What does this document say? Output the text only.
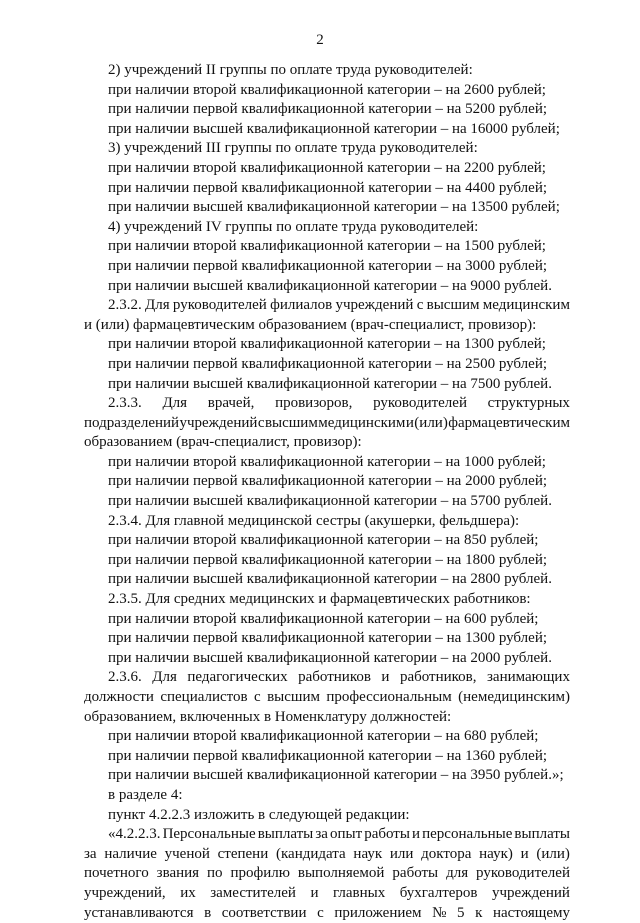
2
2) учреждений II группы по оплате труда руководителей:
при наличии второй квалификационной категории – на 2600 рублей;
при наличии первой квалификационной категории – на 5200 рублей;
при наличии высшей квалификационной категории – на 16000 рублей;
3) учреждений III группы по оплате труда руководителей:
при наличии второй квалификационной категории – на 2200 рублей;
при наличии первой квалификационной категории – на 4400 рублей;
при наличии высшей квалификационной категории – на 13500 рублей;
4) учреждений IV группы по оплате труда руководителей:
при наличии второй квалификационной категории – на 1500 рублей;
при наличии первой квалификационной категории – на 3000 рублей;
при наличии высшей квалификационной категории – на 9000 рублей.
2.3.2. Для руководителей филиалов учреждений с высшим медицинским
и (или) фармацевтическим образованием (врач-специалист, провизор):
при наличии второй квалификационной категории – на 1300 рублей;
при наличии первой квалификационной категории – на 2500 рублей;
при наличии высшей квалификационной категории – на 7500 рублей.
2.3.3. Для врачей, провизоров, руководителей структурных
подразделений учреждений с высшим медицинским и (или) фармацевтическим
образованием (врач-специалист, провизор):
при наличии второй квалификационной категории – на 1000 рублей;
при наличии первой квалификационной категории – на 2000 рублей;
при наличии высшей квалификационной категории – на 5700 рублей.
2.3.4. Для главной медицинской сестры (акушерки, фельдшера):
при наличии второй квалификационной категории – на 850 рублей;
при наличии первой квалификационной категории – на 1800 рублей;
при наличии высшей квалификационной категории – на 2800 рублей.
2.3.5. Для средних медицинских и фармацевтических работников:
при наличии второй квалификационной категории – на 600 рублей;
при наличии первой квалификационной категории – на 1300 рублей;
при наличии высшей квалификационной категории – на 2000 рублей.
2.3.6. Для педагогических работников и работников, занимающих
должности специалистов с высшим профессиональным (немедицинским)
образованием, включенных в Номенклатуру должностей:
при наличии второй квалификационной категории – на 680 рублей;
при наличии первой квалификационной категории – на 1360 рублей;
при наличии высшей квалификационной категории – на 3950 рублей.»;
в разделе 4:
пункт 4.2.2.3 изложить в следующей редакции:
«4.2.2.3. Персональные выплаты за опыт работы и персональные выплаты
за наличие ученой степени (кандидата наук или доктора наук) и (или)
почетного звания по профилю выполняемой работы для руководителей
учреждений, их заместителей и главных бухгалтеров учреждений
устанавливаются в соответствии с приложением № 5 к настоящему
